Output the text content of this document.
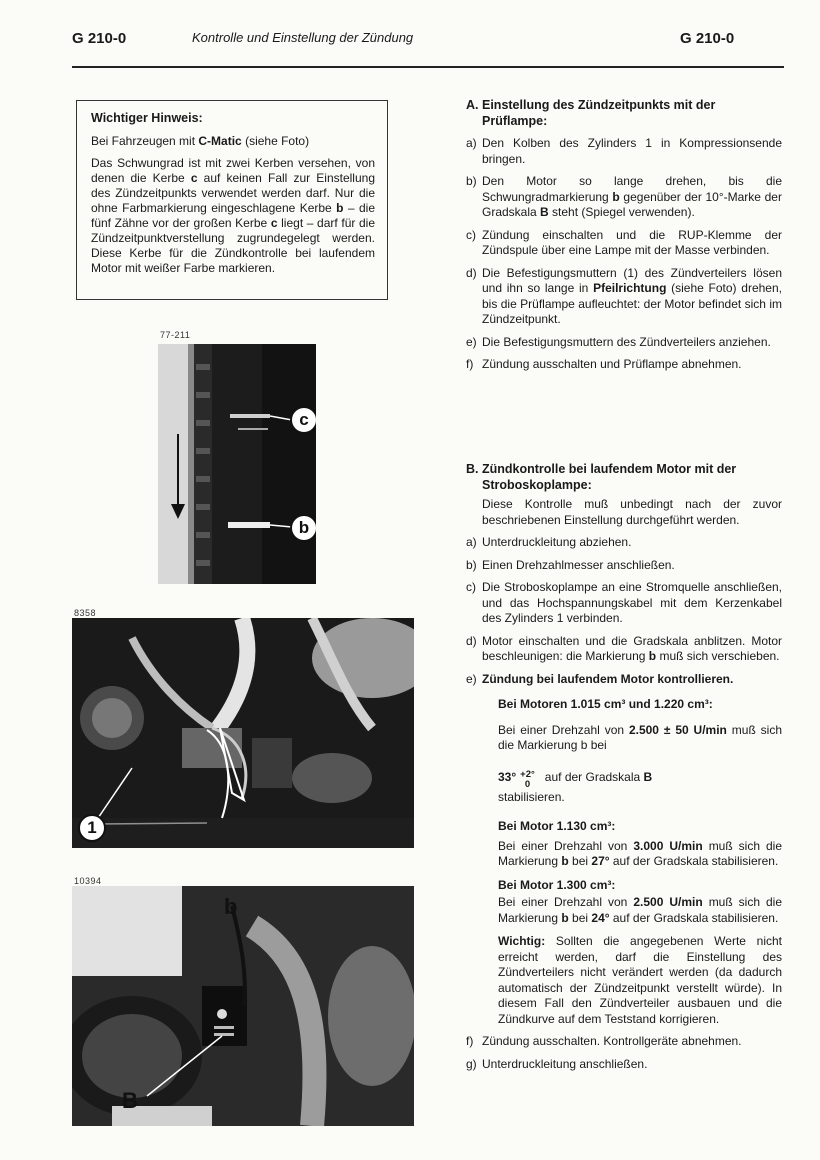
G 210-0	Kontrolle und Einstellung der Zündung	G 210-0
Wichtiger Hinweis:

Bei Fahrzeugen mit C-Matic (siehe Foto)

Das Schwungrad ist mit zwei Kerben versehen, von denen die Kerbe c auf keinen Fall zur Einstellung des Zündzeitpunkts verwendet werden darf. Nur die ohne Farbmarkierung eingeschlagene Kerbe b – die fünf Zähne vor der großen Kerbe c liegt – darf für die Zündzeitpunktverstellung zugrundegelegt werden. Diese Kerbe für die Zündkontrolle bei laufendem Motor mit weißer Farbe markieren.

77-211
c
b
8358
1
10394
b
B
A. Einstellung des Zündzeitpunkts mit der Prüflampe:
a) Den Kolben des Zylinders 1 in Kompressionsende bringen.
b) Den Motor so lange drehen, bis die Schwungradmarkierung b gegenüber der 10°-Marke der Gradskala B steht (Spiegel verwenden).
c) Zündung einschalten und die RUP-Klemme der Zündspule über eine Lampe mit der Masse verbinden.
d) Die Befestigungsmuttern (1) des Zündverteilers lösen und ihn so lange in Pfeilrichtung (siehe Foto) drehen, bis die Prüflampe aufleuchtet: der Motor befindet sich im Zündzeitpunkt.
e) Die Befestigungsmuttern des Zündverteilers anziehen.
f) Zündung ausschalten und Prüflampe abnehmen.
B. Zündkontrolle bei laufendem Motor mit der Stroboskoplampe:
Diese Kontrolle muß unbedingt nach der zuvor beschriebenen Einstellung durchgeführt werden.
a) Unterdruckleitung abziehen.
b) Einen Drehzahlmesser anschließen.
c) Die Stroboskoplampe an eine Stromquelle anschließen, und das Hochspannungskabel mit dem Kerzenkabel des Zylinders 1 verbinden.
d) Motor einschalten und die Gradskala anblitzen. Motor beschleunigen: die Markierung b muß sich verschieben.
e) Zündung bei laufendem Motor kontrollieren.
Bei Motoren 1.015 cm³ und 1.220 cm³:
Bei einer Drehzahl von 2.500 ± 50 U/min muß sich die Markierung b bei
33° +2°
0
auf der Gradskala B
stabilisieren.
Bei Motor 1.130 cm³:
Bei einer Drehzahl von 3.000 U/min muß sich die Markierung b bei 27° auf der Gradskala stabilisieren.
Bei Motor 1.300 cm³:
Bei einer Drehzahl von 2.500 U/min muß sich die Markierung b bei 24° auf der Gradskala stabilisieren.
Wichtig: Sollten die angegebenen Werte nicht erreicht werden, darf die Einstellung des Zündverteilers nicht verändert werden (da dadurch automatisch der Zündzeitpunkt verstellt würde). In diesem Fall den Zündverteiler ausbauen und die Zündkurve auf dem Teststand korrigieren.
f) Zündung ausschalten. Kontrollgeräte abnehmen.
g) Unterdruckleitung anschließen.
